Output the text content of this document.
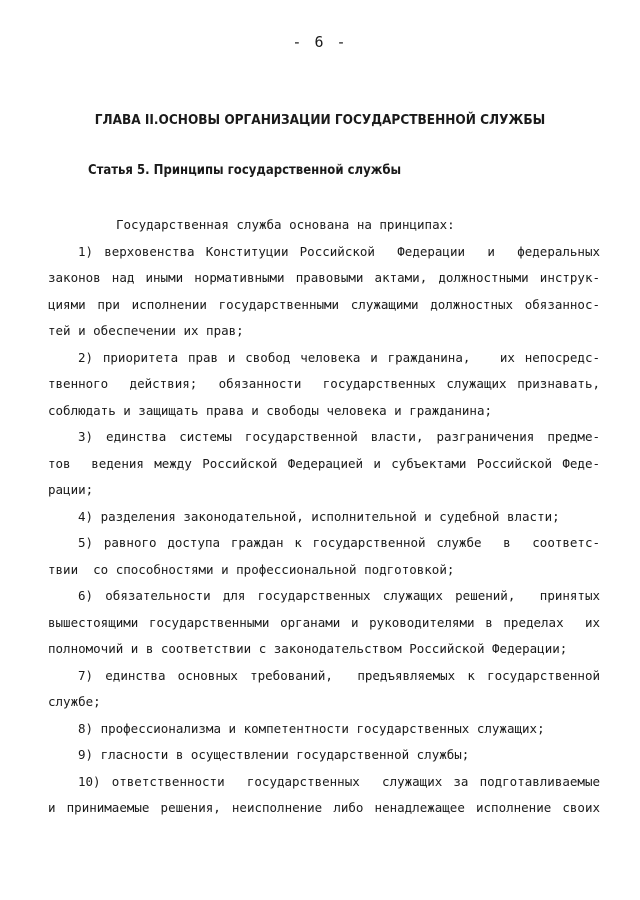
- 6 -
ГЛАВА II.ОСНОВЫ ОРГАНИЗАЦИИ ГОСУДАРСТВЕННОЙ СЛУЖБЫ
Статья 5. Принципы государственной службы
Государственная служба основана на принципах:
1) верховенства Конституции Российской  Федерации  и  федеральных
законов над иными нормативными правовыми актами, должностными инструк-
циями при исполнении государственными служащими должностных обязаннос-
тей и обеспечении их прав;
2) приоритета прав и свобод человека и гражданина,   их непосредс-
твенного  действия;  обязанности  государственных служащих признавать,
соблюдать и защищать права и свободы человека и гражданина;
3) единства системы государственной власти, разграничения предме-
тов  ведения между Российской Федерацией и субъектами Российской Феде-
рации;
4) разделения законодательной, исполнительной и судебной власти;
5) равного доступа граждан к государственной службе  в  соответс-
твии  со способностями и профессиональной подготовкой;
6) обязательности для государственных служащих решений,  принятых
вышестоящими государственными органами и руководителями в пределах  их
полномочий и в соответствии с законодательством Российской Федерации;
7) единства основных требований,  предъявляемых к государственной
службе;
8) профессионализма и компетентности государственных служащих;
9) гласности в осуществлении государственной службы;
10) ответственности  государственных  служащих за подготавливаемые
и принимаемые решения, неисполнение либо ненадлежащее исполнение своих
